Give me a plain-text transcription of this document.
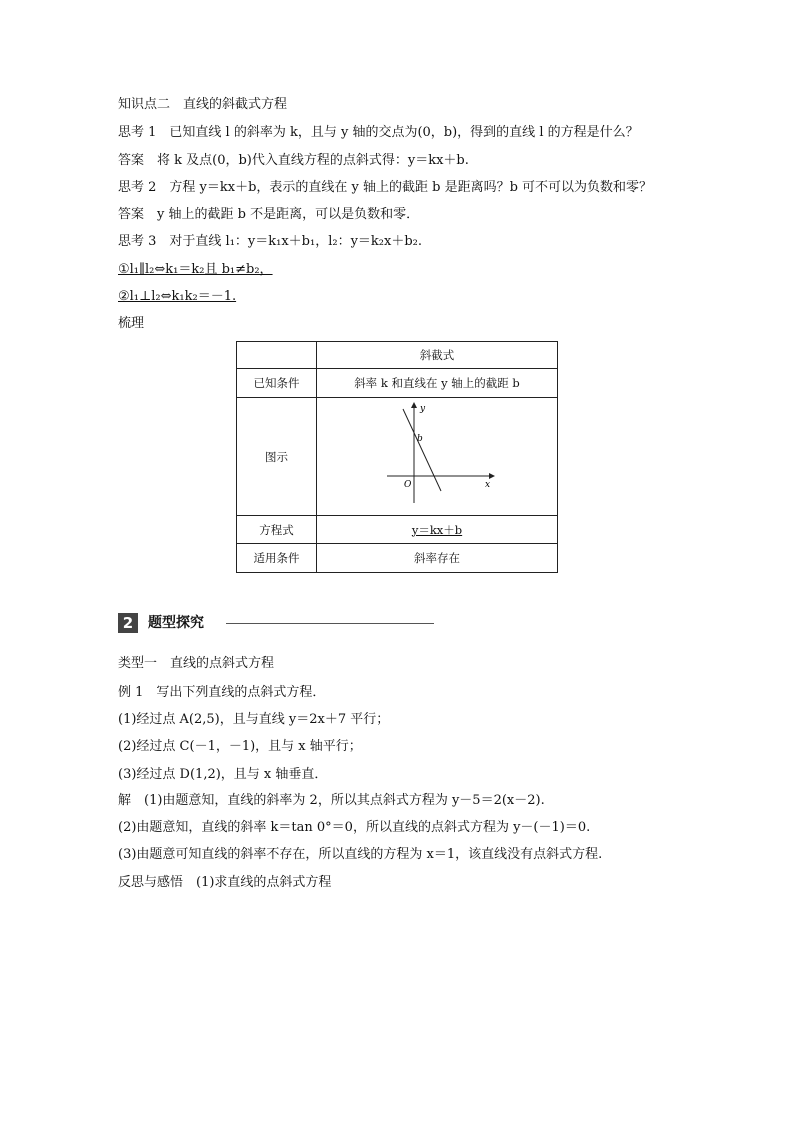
知识点二　直线的斜截式方程
思考 1　已知直线 l 的斜率为 k，且与 y 轴的交点为(0，b)，得到的直线 l 的方程是什么？
答案　将 k 及点(0，b)代入直线方程的点斜式得：y＝kx＋b.
思考 2　方程 y＝kx＋b，表示的直线在 y 轴上的截距 b 是距离吗？b 可不可以为负数和零？
答案　y 轴上的截距 b 不是距离，可以是负数和零．
思考 3　对于直线 l₁：y＝k₁x＋b₁，l₂：y＝k₂x＋b₂.
①l₁∥l₂⇔k₁＝k₂且 b₁≠b₂，
②l₁⊥l₂⇔k₁k₂＝－1.
梳理
	斜截式
已知条件	斜率 k 和直线在 y 轴上的截距 b
图示	y
b
O x

方程式	y＝kx＋b
适用条件	斜率存在
2	题型探究
类型一　直线的点斜式方程
例 1　写出下列直线的点斜式方程．
(1)经过点 A(2,5)，且与直线 y＝2x＋7 平行；
(2)经过点 C(－1，－1)，且与 x 轴平行；
(3)经过点 D(1,2)，且与 x 轴垂直．
解　(1)由题意知，直线的斜率为 2，所以其点斜式方程为 y－5＝2(x－2).
(2)由题意知，直线的斜率 k＝tan 0°＝0，所以直线的点斜式方程为 y－(－1)＝0.
(3)由题意可知直线的斜率不存在，所以直线的方程为 x＝1，该直线没有点斜式方程.
反思与感悟　(1)求直线的点斜式方程
